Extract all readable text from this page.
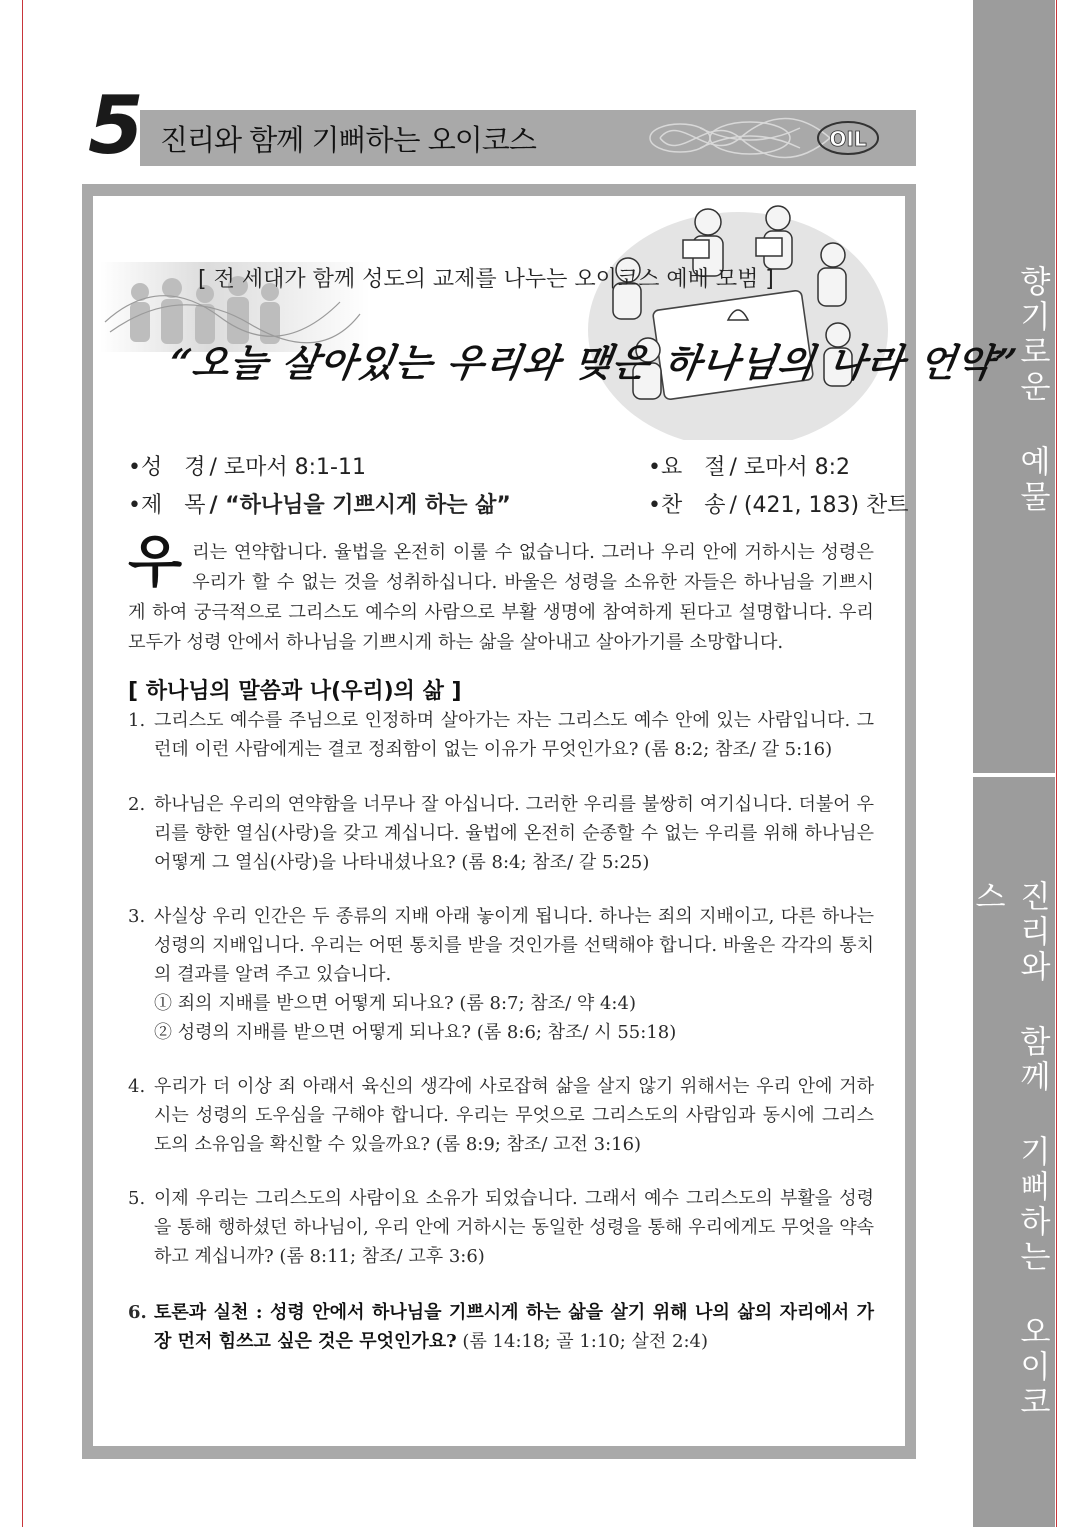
향기로운 예물
진리와 함께 기뻐하는 오이코스
5 진리와 함께 기뻐하는 오이코스	OIL
[ 전 세대가 함께 성도의 교제를 나누는 오이코스 예배 모범 ]
“오늘 살아있는 우리와 맺은 하나님의 나라 언약”
•성　경 / 로마서 8:1-11	•요　절 / 로마서 8:2
•제　목 / “하나님을 기쁘시게 하는 삶”	•찬　송 / (421, 183) 찬트
우리는 연약합니다. 율법을 온전히 이룰 수 없습니다. 그러나 우리 안에 거하시는 성령은 우리가 할 수 없는 것을 성취하십니다. 바울은 성령을 소유한 자들은 하나님을 기쁘시게 하여 궁극적으로 그리스도 예수의 사람으로 부활 생명에 참여하게 된다고 설명합니다. 우리 모두가 성령 안에서 하나님을 기쁘시게 하는 삶을 살아내고 살아가기를 소망합니다.
[ 하나님의 말씀과 나(우리)의 삶 ]
1. 그리스도 예수를 주님으로 인정하며 살아가는 자는 그리스도 예수 안에 있는 사람입니다. 그런데 이런 사람에게는 결코 정죄함이 없는 이유가 무엇인가요? (롬 8:2; 참조/ 갈 5:16)
2. 하나님은 우리의 연약함을 너무나 잘 아십니다. 그러한 우리를 불쌍히 여기십니다. 더불어 우리를 향한 열심(사랑)을 갖고 계십니다. 율법에 온전히 순종할 수 없는 우리를 위해 하나님은 어떻게 그 열심(사랑)을 나타내셨나요? (롬 8:4; 참조/ 갈 5:25)
3. 사실상 우리 인간은 두 종류의 지배 아래 놓이게 됩니다. 하나는 죄의 지배이고, 다른 하나는 성령의 지배입니다. 우리는 어떤 통치를 받을 것인가를 선택해야 합니다. 바울은 각각의 통치의 결과를 알려 주고 있습니다.
① 죄의 지배를 받으면 어떻게 되나요? (롬 8:7; 참조/ 약 4:4)
② 성령의 지배를 받으면 어떻게 되나요? (롬 8:6; 참조/ 시 55:18)
4. 우리가 더 이상 죄 아래서 육신의 생각에 사로잡혀 삶을 살지 않기 위해서는 우리 안에 거하시는 성령의 도우심을 구해야 합니다. 우리는 무엇으로 그리스도의 사람임과 동시에 그리스도의 소유임을 확신할 수 있을까요? (롬 8:9; 참조/ 고전 3:16)
5. 이제 우리는 그리스도의 사람이요 소유가 되었습니다. 그래서 예수 그리스도의 부활을 성령을 통해 행하셨던 하나님이, 우리 안에 거하시는 동일한 성령을 통해 우리에게도 무엇을 약속하고 계십니까? (롬 8:11; 참조/ 고후 3:6)
6. 토론과 실천 : 성령 안에서 하나님을 기쁘시게 하는 삶을 살기 위해 나의 삶의 자리에서 가장 먼저 힘쓰고 싶은 것은 무엇인가요? (롬 14:18; 골 1:10; 살전 2:4)
